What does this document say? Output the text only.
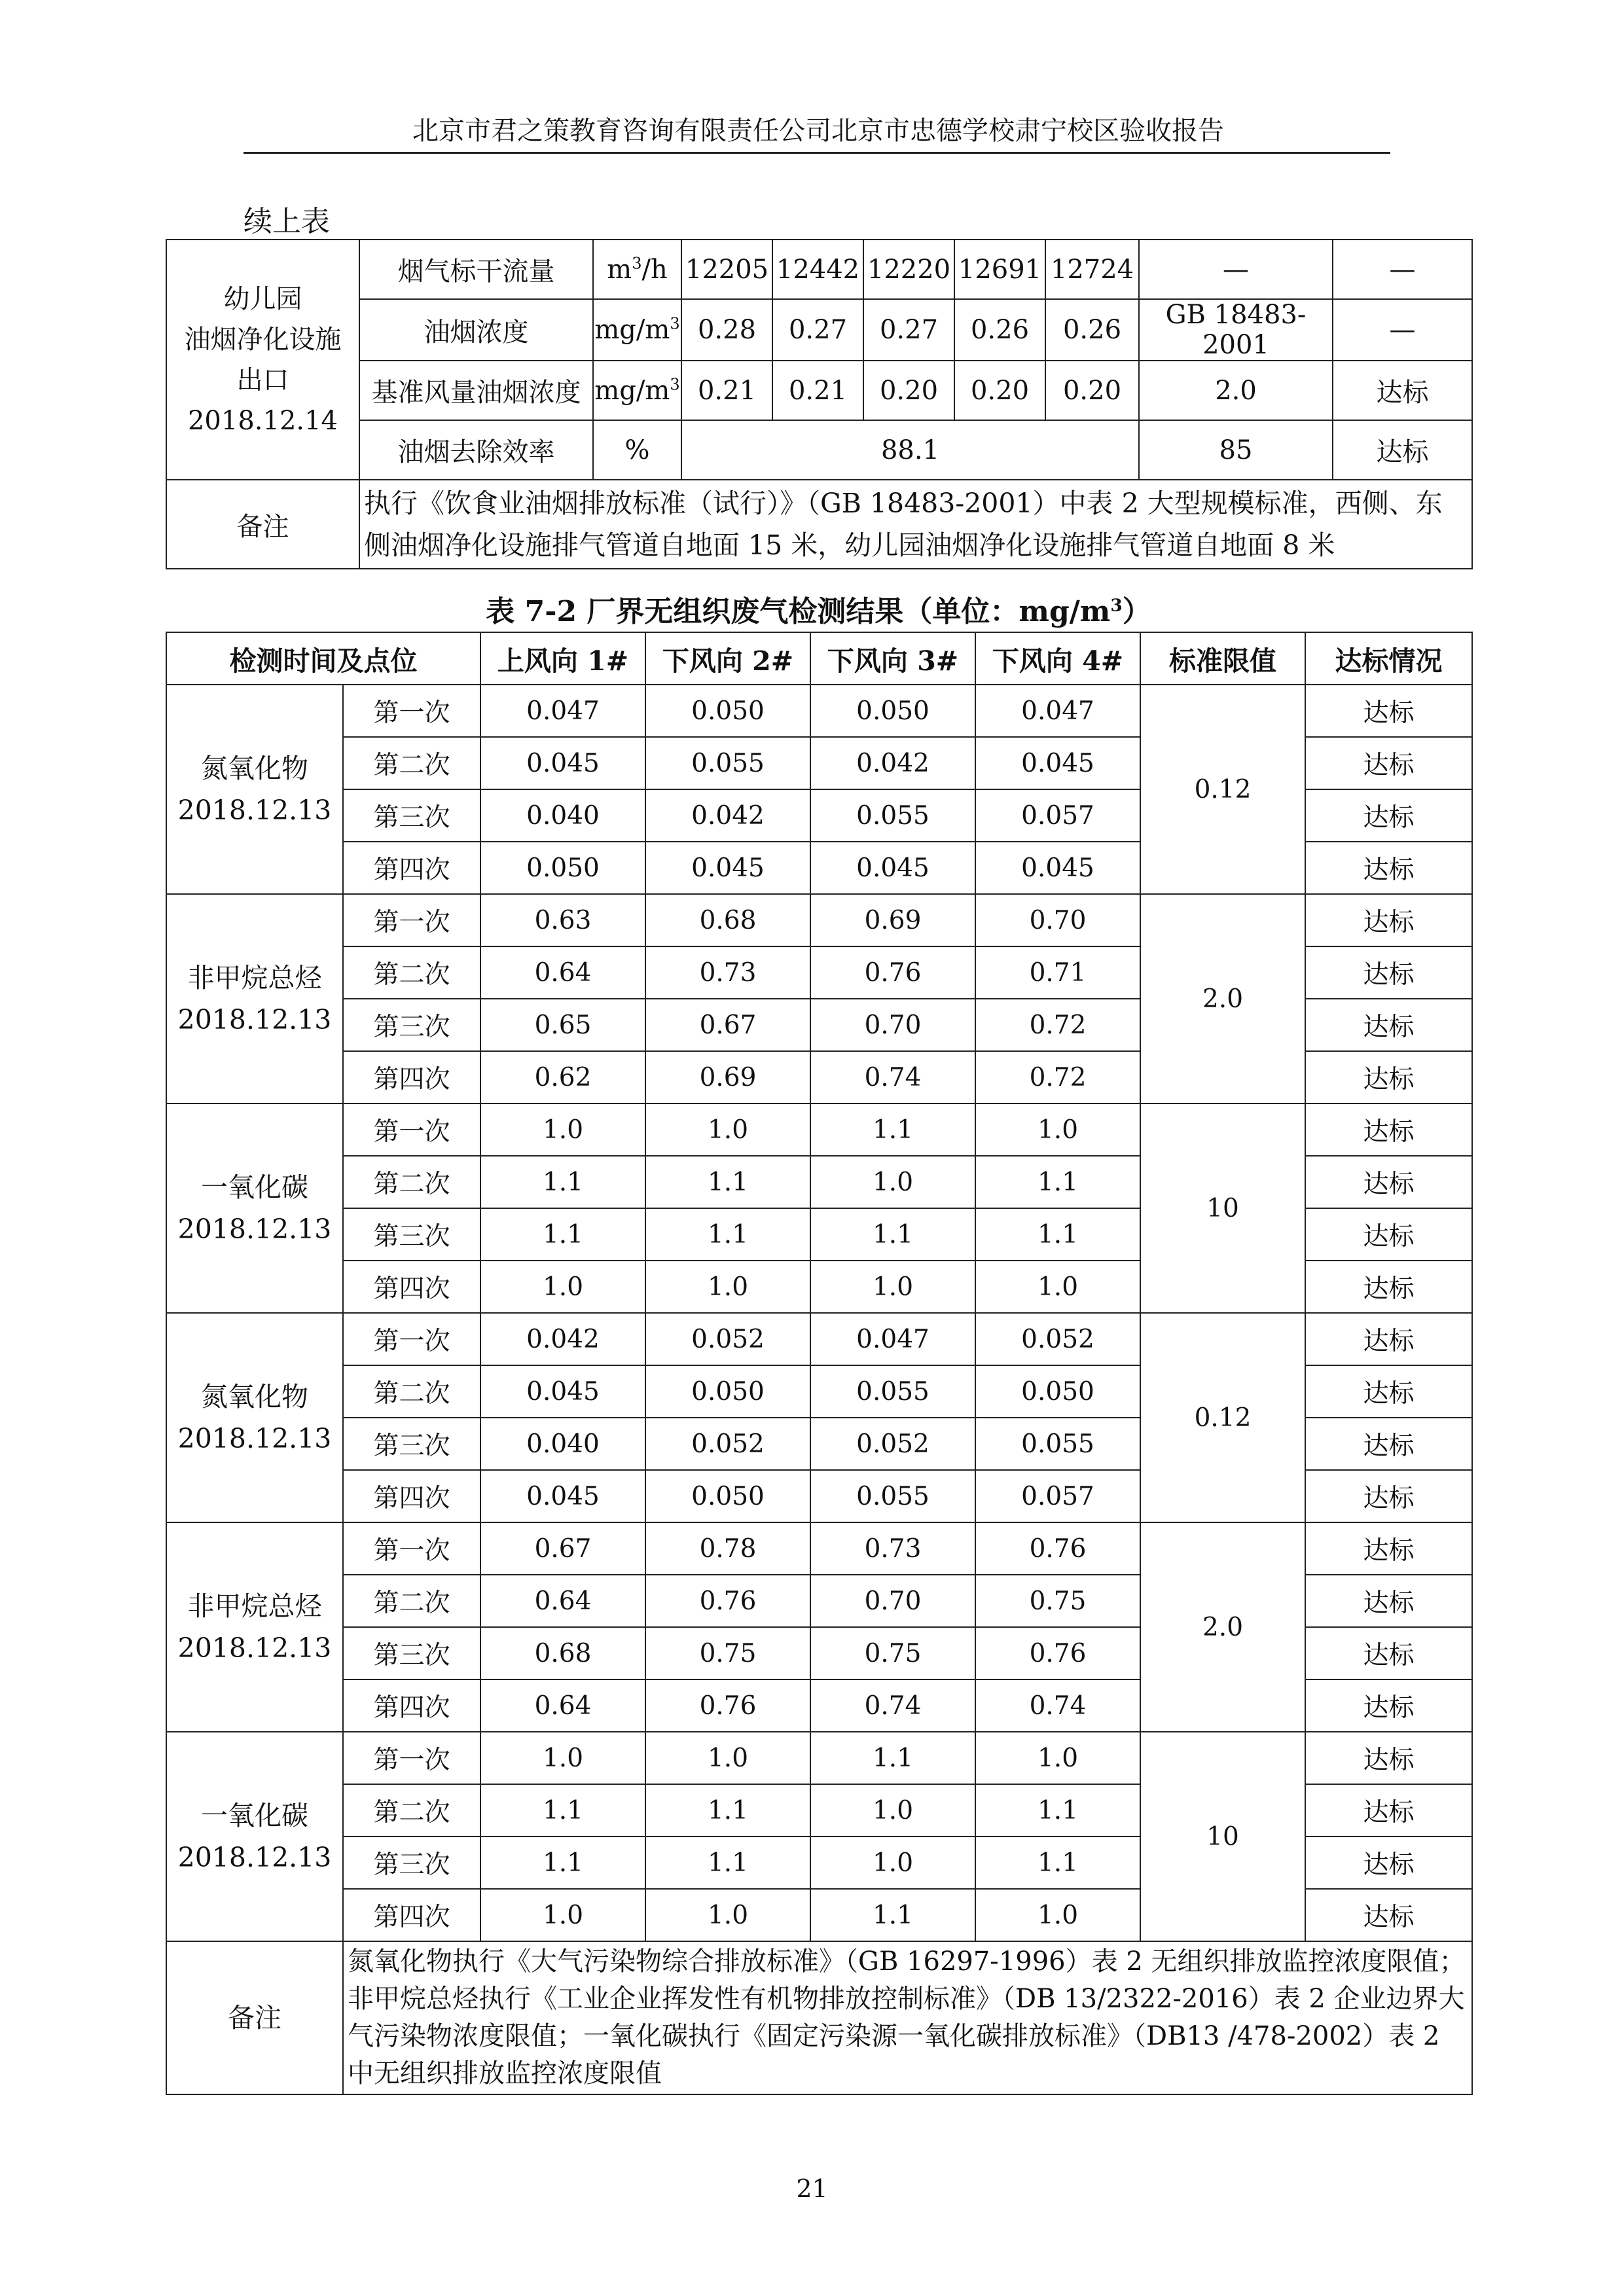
北京市君之策教育咨询有限责任公司北京市忠德学校肃宁校区验收报告
续上表
幼儿园
油烟净化设施
出口
2018.12.14	烟气标干流量	$m^3/h$	12205	12442	12220	12691	12724	—	—
	油烟浓度	$mg/m^3$	0.28	0.27	0.27	0.26	0.26	GB 18483-2001	—
	基准风量油烟浓度	$mg/m^3$	0.21	0.21	0.20	0.20	0.20	2.0	达标
	油烟去除效率	%	88.1					85	达标
备注	执行《饮食业油烟排放标准（试行）》（GB 18483-2001）中表 2 大型规模标准，西侧、东侧油烟净化设施排气管道自地面 15 米，幼儿园油烟净化设施排气管道自地面 8 米								
表 7-2 厂界无组织废气检测结果（单位：$mg/m^3$）
检测时间及点位		上风向 1#	下风向 2#	下风向 3#	下风向 4#	标准限值	达标情况

氮氧化物
2018.12.13	第一次	0.047	0.050	0.050	0.047	0.12	达标
	第二次	0.045	0.055	0.042	0.045		达标
	第三次	0.040	0.042	0.055	0.057		达标
	第四次	0.050	0.045	0.045	0.045		达标

非甲烷总烃
2018.12.13	第一次	0.63	0.68	0.69	0.70	2.0	达标
	第二次	0.64	0.73	0.76	0.71		达标
	第三次	0.65	0.67	0.70	0.72		达标
	第四次	0.62	0.69	0.74	0.72		达标

一氧化碳
2018.12.13	第一次	1.0	1.0	1.1	1.0	10	达标
	第二次	1.1	1.1	1.0	1.1		达标
	第三次	1.1	1.1	1.1	1.1		达标
	第四次	1.0	1.0	1.0	1.0		达标

氮氧化物
2018.12.13	第一次	0.042	0.052	0.047	0.052	0.12	达标
	第二次	0.045	0.050	0.055	0.050		达标
	第三次	0.040	0.052	0.052	0.055		达标
	第四次	0.045	0.050	0.055	0.057		达标

非甲烷总烃
2018.12.13	第一次	0.67	0.78	0.73	0.76	2.0	达标
	第二次	0.64	0.76	0.70	0.75		达标
	第三次	0.68	0.75	0.75	0.76		达标
	第四次	0.64	0.76	0.74	0.74		达标

一氧化碳
2018.12.13	第一次	1.0	1.0	1.1	1.0	10	达标
	第二次	1.1	1.1	1.0	1.1		达标
	第三次	1.1	1.1	1.0	1.1		达标
	第四次	1.0	1.0	1.1	1.0		达标
备注	氮氧化物执行《大气污染物综合排放标准》（GB 16297-1996）表 2 无组织排放监控浓度限值；非甲烷总烃执行《工业企业挥发性有机物排放控制标准》（DB 13/2322-2016）表 2 企业边界大气污染物浓度限值；一氧化碳执行《固定污染源一氧化碳排放标准》（DB13 /478-2002）表 2 中无组织排放监控浓度限值						
21
